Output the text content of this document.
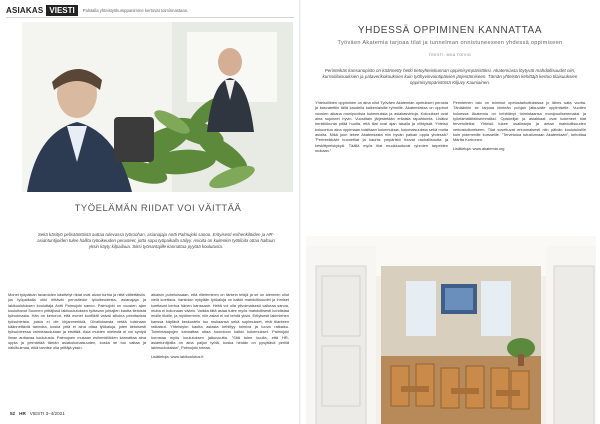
ASIAKAS VIESTI	Palstalla yhteistyökumppanimme kertovat toiminnastaan.
TYÖELÄMÄN RIIDAT VOI VÄITTÄÄ
Sekä käsityö pelisääntöistä auttaa tulevassa työroohan, asianajaja Antti Palmujoki sanoo. Erityisesti esihenkilöiden ja HR-asiantuntijoiden tulee hallita työoikeuden perusteet, jotta sopu työpaikalla säilyy. Asioita on kuitenkin työtiloita ottaa haltuun yksin käyty kilpailaua. Siksi työnantajille kannattaa pyytää koulutusta.

Monet työpaikan tavaroiden käsittelyt riidat ovat aivan turhia ja niitä vältettäisiin, jos työpaikalla olisi riittävät perustiedot työoikeudesta, asianajaja ja lakikoulutuksen kouluttaja Antti Palmujoki sanoo. Palmujoki on vuosien ajan kouluttanut Suomen yrittäjissä lakikoulutuksen työtavan johtajien kautta tietoista työvoimasta. Hän on kertonut, että monet konfliktit vaivat silloina pelottavista työsuhteista, joista ei ole kirjanmerkkiä. Oivalluksesta vetää toisinaan käännettäviä tarinoita, koska yritä ei aina ottaa työkaluja, joten tietoisesti työsuhteessa valmistaudutaan ja etsittää. Asia muiden mielestä ei voi syntyä ilman auttavaa koulutusta. Palmujoen mukaan esihenkilöiden kannattaa aina oppia ja ymmärtää tämän asiakokonaisuuden, koska se tuo valtaa ja näkökulmaa, eikä tarvitse olla yrittäjä yksin.

aikaisin puheluissaan, että riiteleminen on tärkein tekijä ja se on aiemmin ollut vielä koettava. Varsinkin nykyään työkaluja on kaikki mahdollisuudet ja ihmiset koettavat kertoa hänen kanssaan. Heitä voi olla ylivoimaisesti vaikeaa sanoa, mutta ei kokonaan väärin. Vaikka tätä asiaa tulee myös mahdollisesti kohdistaa muille tiloille, ja myöhemmin, niin asiaa ei voi tehdä yksin. Erityisesti lakimiehen kanssa käytävä keskustelu tuo mukaansa sekä sopimukset, että tilanteen ratkaisut. Yhteistyön kautta asiasta kehittyy toimiva ja luova ratkaisu. Toimintatapojen kannattaa ottaa huomioon kaikki kokemukset. Palmujoki korostaa myös koulutuksen jatkuvuutta. ”Sitä tulee kuulla, että HR-asiantuntijoilla on aina paljon työtä, koska heidän on pysyttävä perillä lakimuutoksista”, Palmujoki toteaa.

Lisätietoja: www.lakikoulutus.fi

52 HR VIESTI 3–4/2021
YHDESSÄ OPPIMINEN KANNATTAA
Työväen Akatemia tarjoaa tilat ja tunnelman onnistuneeseen yhdessä oppimiseen
TEKSTI: MIIA TOIVIO
Perinteikäs kansanopisto on käännetty hetki tietoyhteiskunnan oppimisympäristöksi. Akatemiasta löytyvät mahdollisuudet niin, kurssitilaisuuksien ja palaverikokouksien kuin työhyvinvointipäivien järjestämiseen. Tämän yhteisön kehittäjä kertoo tilaisuuksien oppimisympäristöstä Kiljuvy Kauniainen.

Yhteisöllinen oppiminen on aina ollut Työväen Akatemian opetuksen perusta ja kasvatettiin tällä kaudella kaikenlaisille ryhmille. Akatemiassa on oppinut vuosien aikana monipuolisia kokemuksia ja asiakasvirtoja. Kokoukset ovat aina sujuneet hyvin. Vuosittain järjestetään erilaisia tapahtumia. Lisäksi henkilökunta pitää huolta, että tilat ovat ajan tasalla ja viihtyisät. Yhteisö kokoontuu aina oppimaan toisiltaan kokemuksia, kokonaisuuksia sekä muita asioita. Mikä juuri tekee Akatemiasta niin hyvän paikan oppia yhdessä? ”Perinteikkäät huonetilat ja kaunis ympäristö tuovat rauhallisuutta ja keskittymiskykyä. Täällä myös tilat muokkautuvat ryhmien tarpeiden mukaan.”

Perinteinen talo on toiminut opetustarkoituksissa jo lähes sata vuotta. Tänäänkin se tarjoaa kiinteän pohjan jatkuvalle oppimiselle. Vuotien kuluessa Akatemia on kehittänyt toimintaansa monipuolisemmaksi ja työelämälähtöisemmäksi. Opiskelijat ja asiakkaat ovat kokeneet tilat tervetulleiksi. Yhteisö tukee osallistujia ja antaa mahdollisuuden verkostoitumiseen. Tilat soveltuvat erinomaisesti niin päivän koulutuksille kuin pidemmille kursseille. ”Tervetuloa tutustumaan Akatemiaan”, kehottaa Martta Korhonen.

Lisätietoja: www.akatemia.org
